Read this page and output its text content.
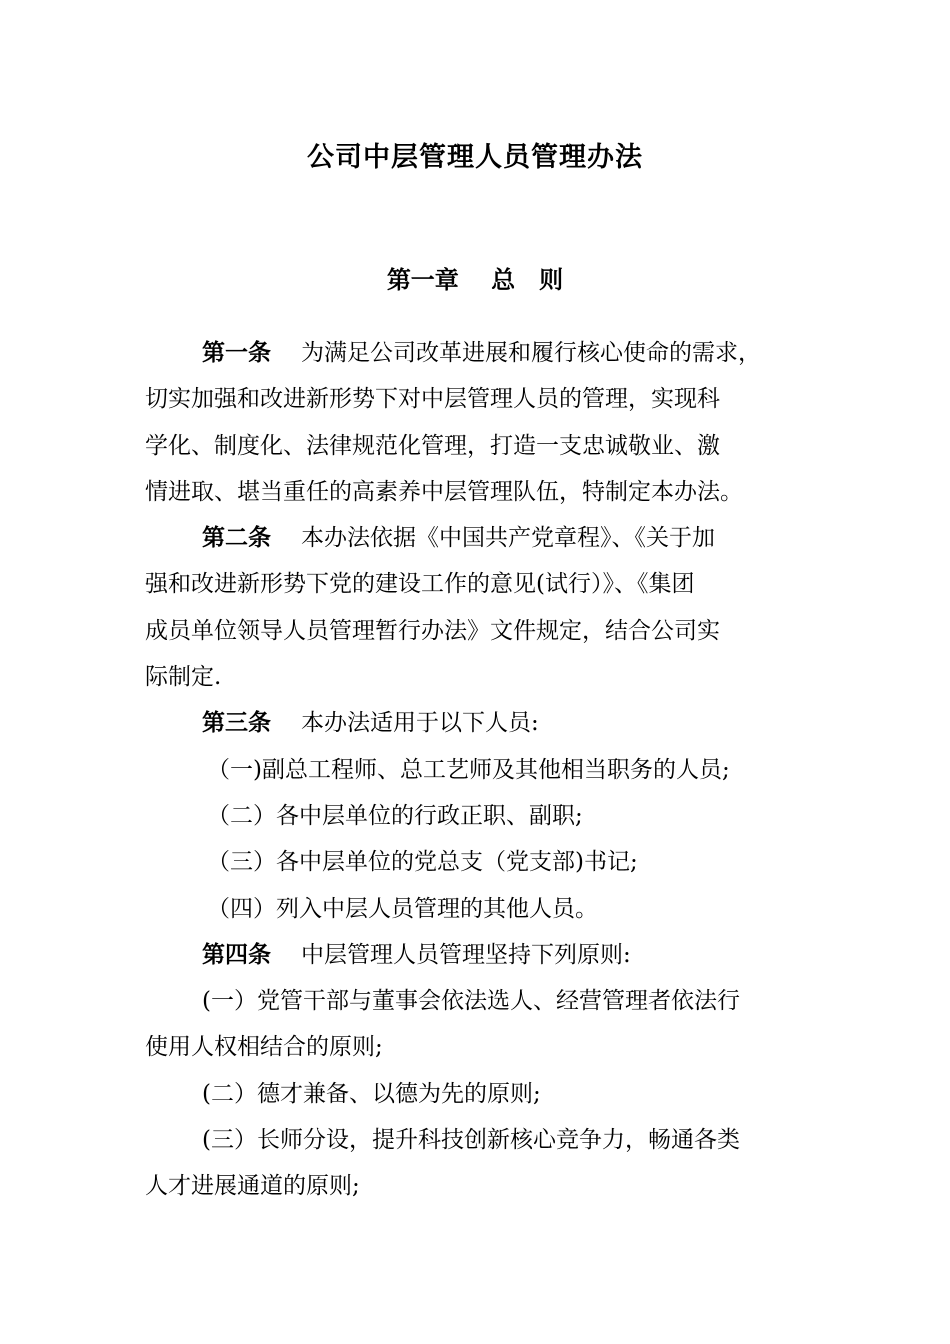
公司中层管理人员管理办法
第一章　 总　则
第一条 为满足公司改革进展和履行核心使命的需求，
切实加强和改进新形势下对中层管理人员的管理，实现科
学化、制度化、法律规范化管理，打造一支忠诚敬业、激
情进取、堪当重任的高素养中层管理队伍，特制定本办法。
第二条 本办法依据《中国共产党章程》、《关于加
强和改进新形势下党的建设工作的意见(试行）》、《集团
成员单位领导人员管理暂行办法》文件规定，结合公司实
际制定.
第三条 本办法适用于以下人员:
（一)副总工程师、总工艺师及其他相当职务的人员;
（二）各中层单位的行政正职、副职;
（三）各中层单位的党总支（党支部)书记;
（四）列入中层人员管理的其他人员。
第四条 中层管理人员管理坚持下列原则:
(一）党管干部与董事会依法选人、经营管理者依法行
使用人权相结合的原则;
(二）德才兼备、以德为先的原则;
(三）长师分设，提升科技创新核心竞争力，畅通各类
人才进展通道的原则;
